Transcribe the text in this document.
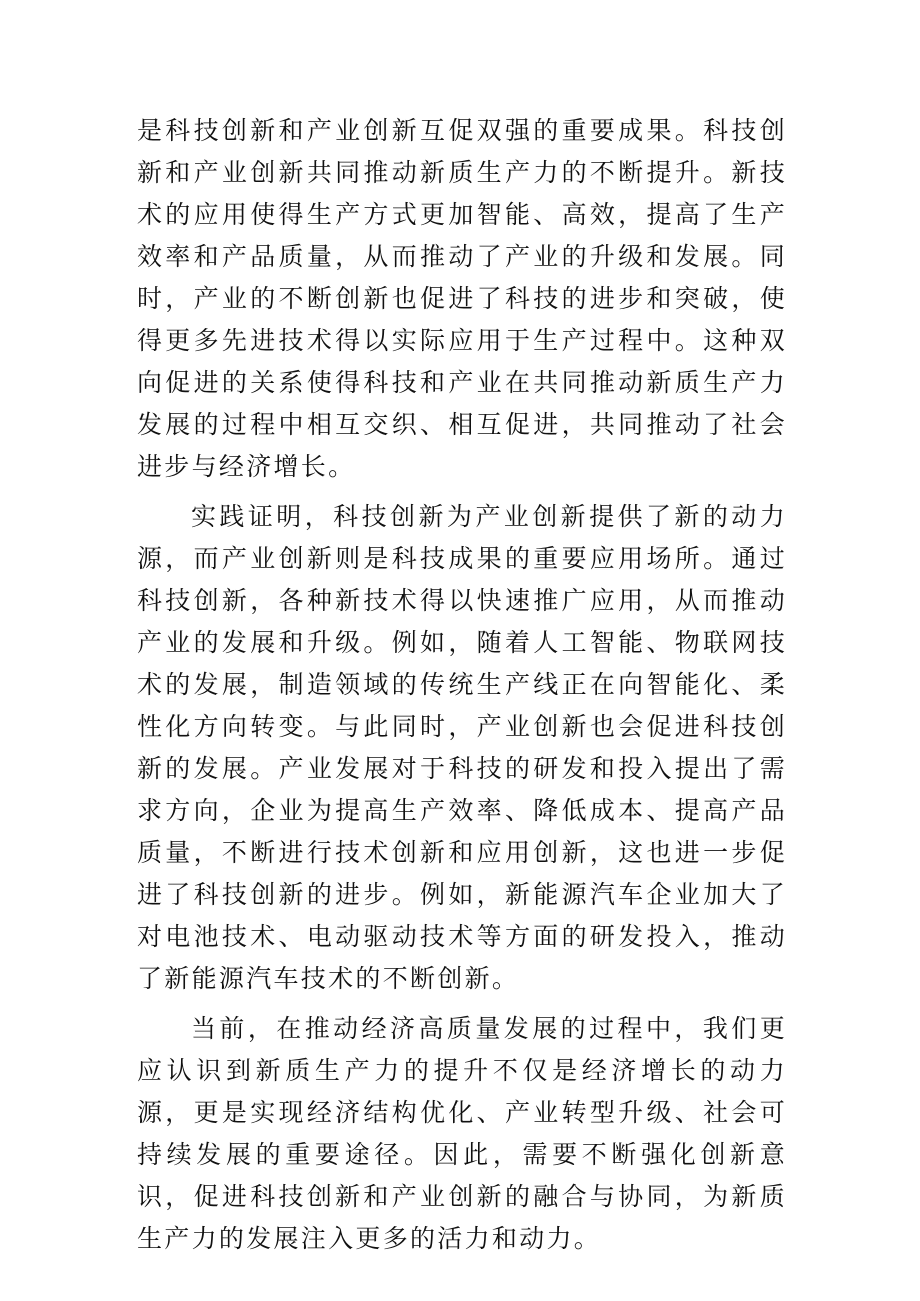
是科技创新和产业创新互促双强的重要成果。科技创新和产业创新共同推动新质生产力的不断提升。新技术的应用使得生产方式更加智能、高效，提高了生产效率和产品质量，从而推动了产业的升级和发展。同时，产业的不断创新也促进了科技的进步和突破，使得更多先进技术得以实际应用于生产过程中。这种双向促进的关系使得科技和产业在共同推动新质生产力发展的过程中相互交织、相互促进，共同推动了社会进步与经济增长。

实践证明，科技创新为产业创新提供了新的动力源，而产业创新则是科技成果的重要应用场所。通过科技创新，各种新技术得以快速推广应用，从而推动产业的发展和升级。例如，随着人工智能、物联网技术的发展，制造领域的传统生产线正在向智能化、柔性化方向转变。与此同时，产业创新也会促进科技创新的发展。产业发展对于科技的研发和投入提出了需求方向，企业为提高生产效率、降低成本、提高产品质量，不断进行技术创新和应用创新，这也进一步促进了科技创新的进步。例如，新能源汽车企业加大了对电池技术、电动驱动技术等方面的研发投入，推动了新能源汽车技术的不断创新。

当前，在推动经济高质量发展的过程中，我们更应认识到新质生产力的提升不仅是经济增长的动力源，更是实现经济结构优化、产业转型升级、社会可持续发展的重要途径。因此，需要不断强化创新意识，促进科技创新和产业创新的融合与协同，为新质生产力的发展注入更多的活力和动力。
